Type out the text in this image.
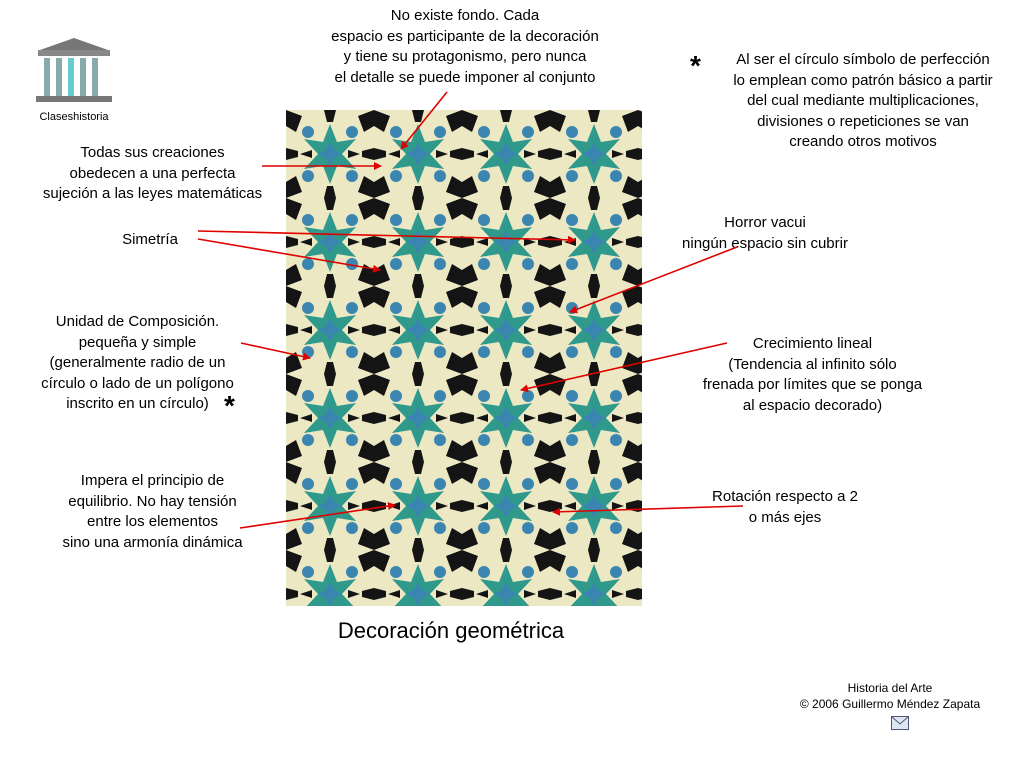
Claseshistoria
No existe fondo. Cada
espacio es participante de la decoración
y tiene su protagonismo, pero nunca
el detalle se puede imponer al conjunto	*	Al ser el círculo símbolo de perfección
lo emplean como patrón básico a partir
del cual mediante multiplicaciones,
divisiones o repeticiones se van
creando otros motivos
Todas sus creaciones
obedecen a una perfecta
sujeción a las leyes matemáticas
Simetría
Horror vacui
ningún espacio sin cubrir
Unidad de Composición.
pequeña y simple
(generalmente radio de un
círculo o lado de un polígono
inscrito en un círculo) *
Crecimiento lineal
(Tendencia al infinito sólo
frenada por límites que se ponga
al espacio decorado)
Impera el principio de
equilibrio. No hay tensión
entre los elementos
sino una armonía dinámica
Rotación respecto a 2
o más ejes
Decoración geométrica
Historia del Arte
© 2006 Guillermo Méndez Zapata
